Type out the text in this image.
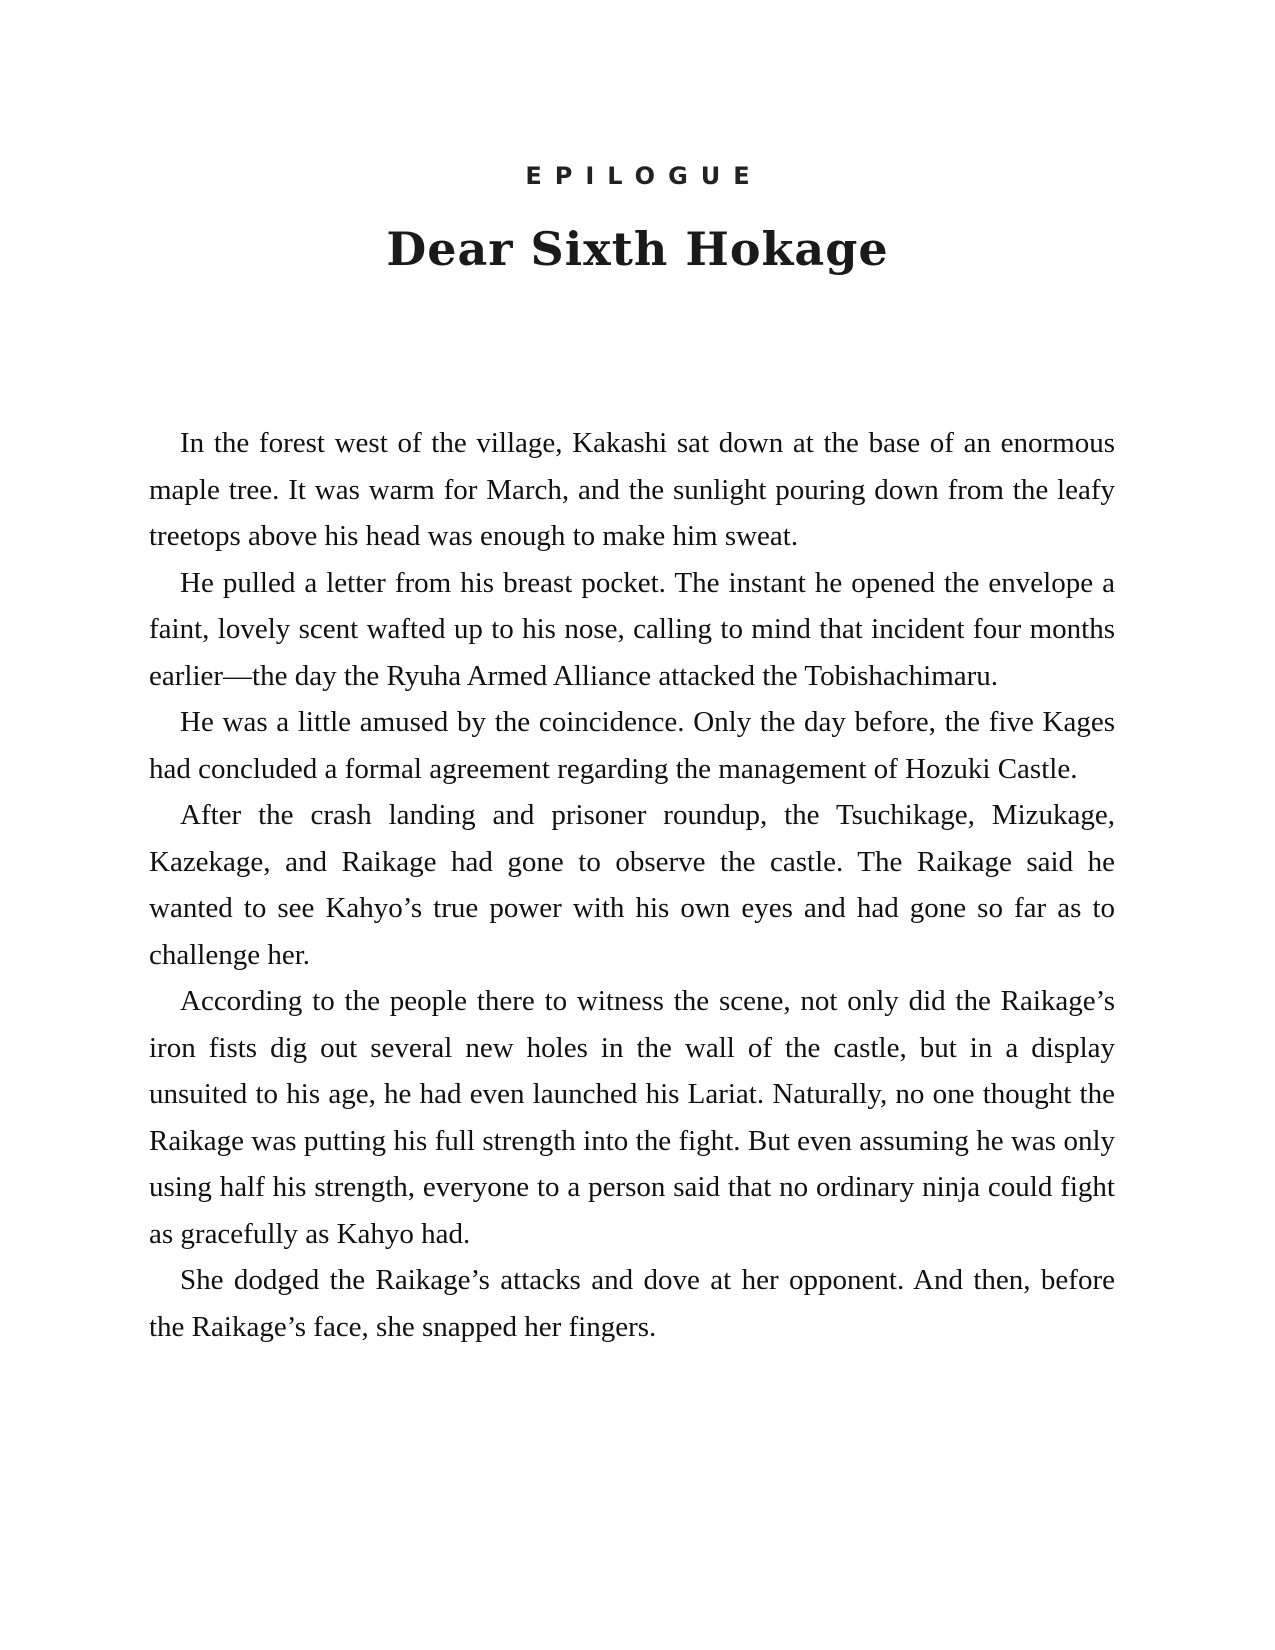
EPILOGUE
Dear Sixth Hokage

In the forest west of the village, Kakashi sat down at the base of an enormous maple tree. It was warm for March, and the sunlight pouring down from the leafy treetops above his head was enough to make him sweat.

He pulled a letter from his breast pocket. The instant he opened the envelope a faint, lovely scent wafted up to his nose, calling to mind that incident four months earlier—the day the Ryuha Armed Alliance attacked the Tobishachimaru.

He was a little amused by the coincidence. Only the day before, the five Kages had concluded a formal agreement regarding the management of Hozuki Castle.

After the crash landing and prisoner roundup, the Tsuchikage, Mizukage, Kazekage, and Raikage had gone to observe the castle. The Raikage said he wanted to see Kahyo’s true power with his own eyes and had gone so far as to challenge her.

According to the people there to witness the scene, not only did the Raikage’s iron fists dig out several new holes in the wall of the castle, but in a display unsuited to his age, he had even launched his Lariat. Naturally, no one thought the Raikage was putting his full strength into the fight. But even assuming he was only using half his strength, everyone to a person said that no ordinary ninja could fight as gracefully as Kahyo had.

She dodged the Raikage’s attacks and dove at her opponent. And then, before the Raikage’s face, she snapped her fingers.
